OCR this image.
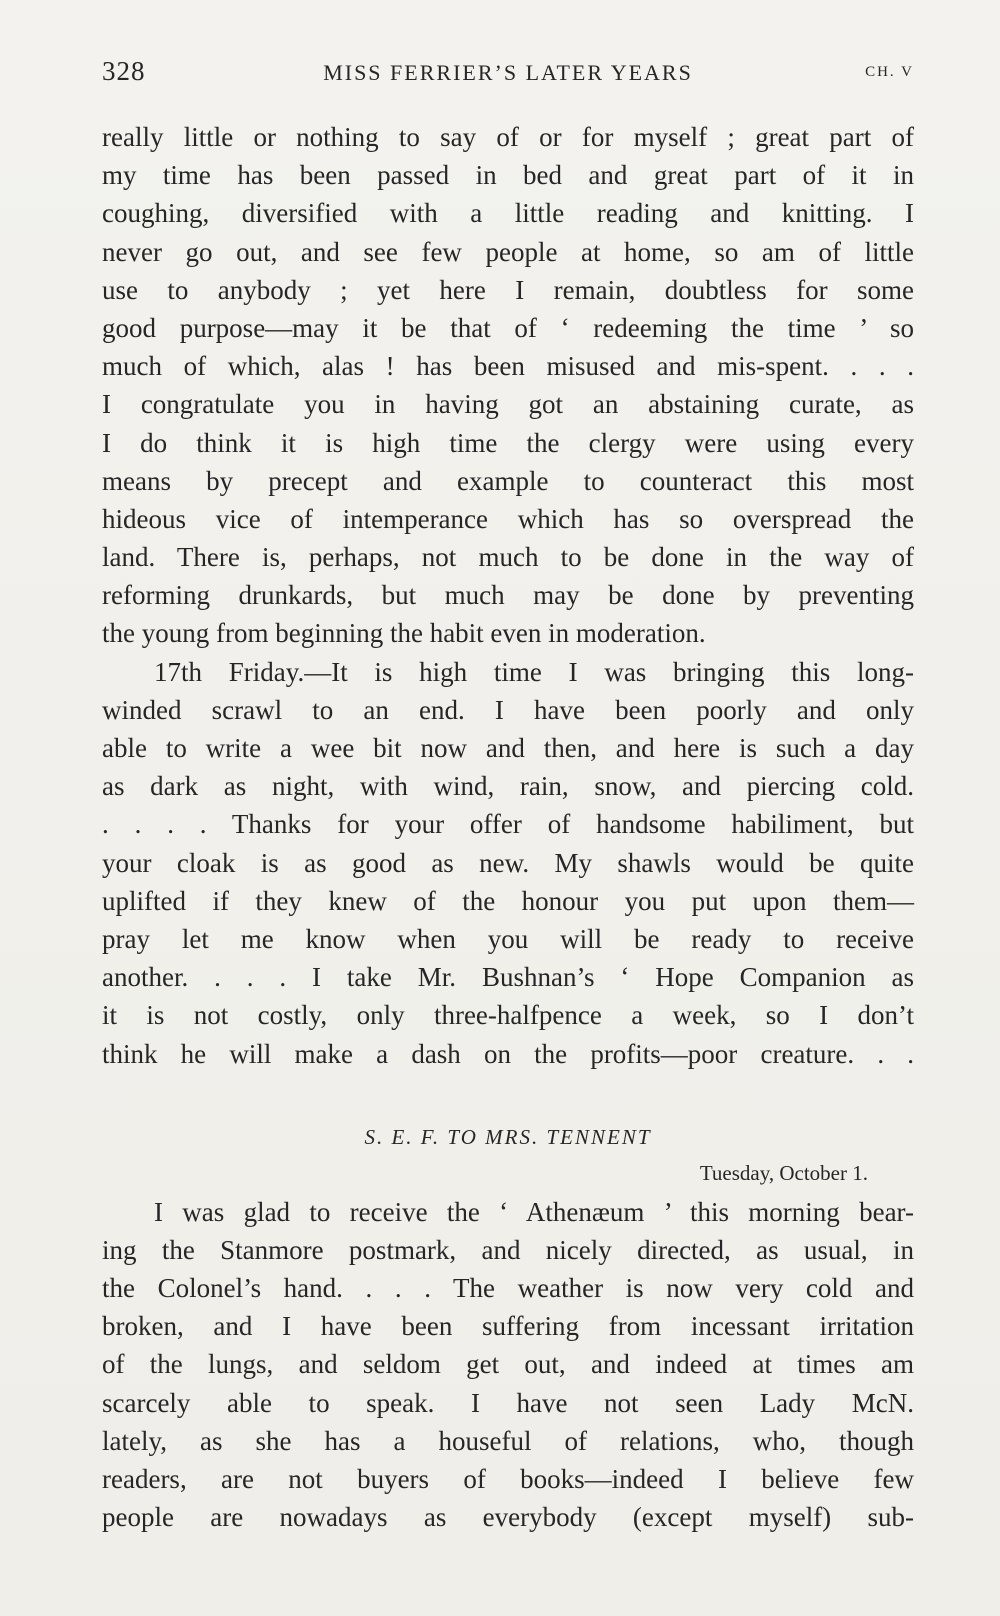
328	MISS FERRIER’S LATER YEARS	CH. V
really little or nothing to say of or for myself ; great part of
my time has been passed in bed and great part of it in
coughing, diversified with a little reading and knitting. I
never go out, and see few people at home, so am of little
use to anybody ; yet here I remain, doubtless for some
good purpose—may it be that of ‘ redeeming the time ’ so
much of which, alas ! has been misused and mis-spent. . . .
I congratulate you in having got an abstaining curate, as
I do think it is high time the clergy were using every
means by precept and example to counteract this most
hideous vice of intemperance which has so overspread the
land. There is, perhaps, not much to be done in the way of
reforming drunkards, but much may be done by preventing
the young from beginning the habit even in moderation.
17th Friday.—It is high time I was bringing this long-
winded scrawl to an end. I have been poorly and only
able to write a wee bit now and then, and here is such a day
as dark as night, with wind, rain, snow, and piercing cold.
. . . . Thanks for your offer of handsome habiliment, but
your cloak is as good as new. My shawls would be quite
uplifted if they knew of the honour you put upon them—
pray let me know when you will be ready to receive
another. . . . I take Mr. Bushnan’s ‘ Hope Companion as
it is not costly, only three-halfpence a week, so I don’t
think he will make a dash on the profits—poor creature. . .
S. E. F. TO MRS. TENNENT
Tuesday, October 1.
I was glad to receive the ‘ Athenæum ’ this morning bear-
ing the Stanmore postmark, and nicely directed, as usual, in
the Colonel’s hand. . . . The weather is now very cold and
broken, and I have been suffering from incessant irritation
of the lungs, and seldom get out, and indeed at times am
scarcely able to speak. I have not seen Lady McN.
lately, as she has a houseful of relations, who, though
readers, are not buyers of books—indeed I believe few
people are nowadays as everybody (except myself) sub-
